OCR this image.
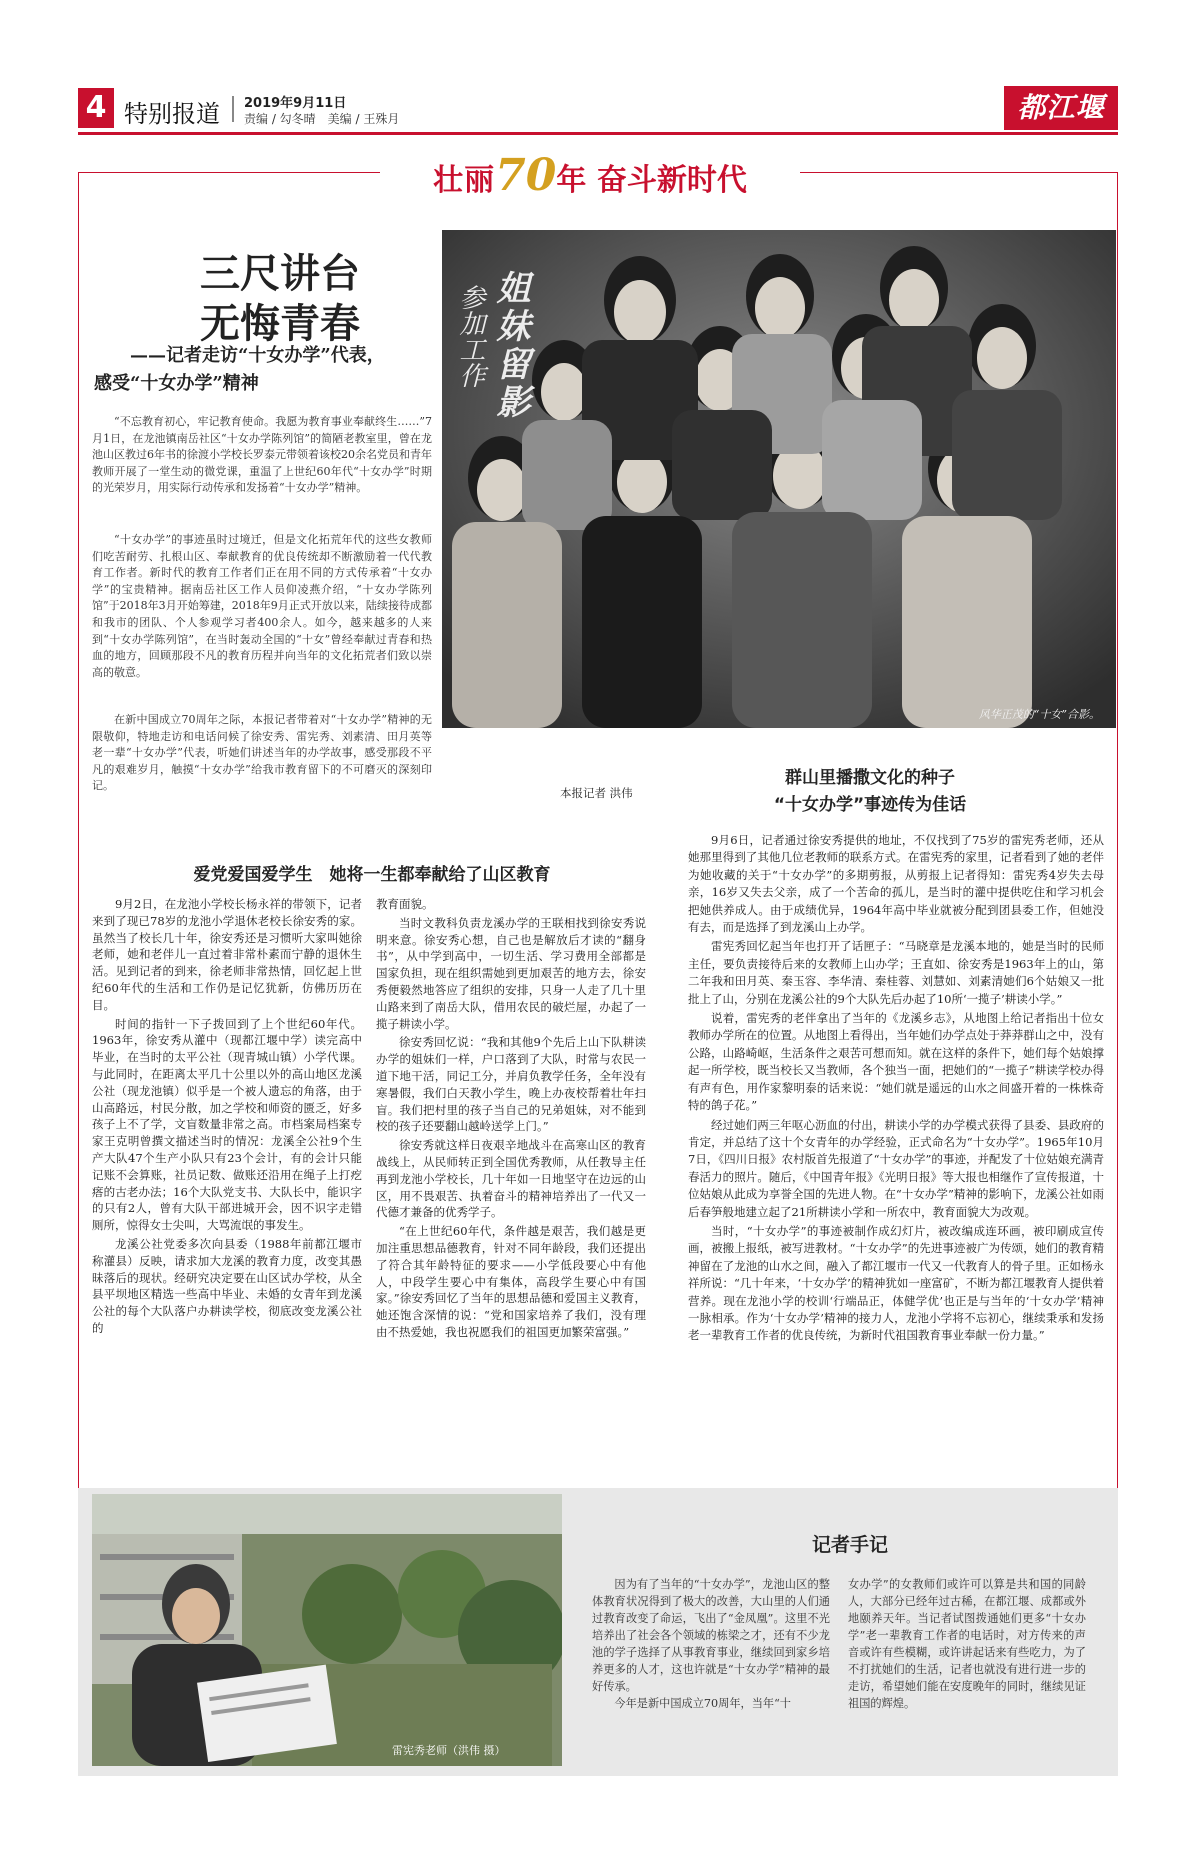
4 特别报道 2019年9月11日
责编 / 勾冬晴　美编 / 王殊月	都江堰报
壮丽70年 奋斗新时代
三尺讲台
无悔青春
——记者走访“十女办学”代表，
感受“十女办学”精神

“不忘教育初心，牢记教育使命。我愿为教育事业奉献终生……”7月1日，在龙池镇南岳社区“十女办学陈列馆”的简陋老教室里，曾在龙池山区教过6年书的徐渡小学校长罗泰元带领着该校20余名党员和青年教师开展了一堂生动的微党课，重温了上世纪60年代“十女办学”时期的光荣岁月，用实际行动传承和发扬着“十女办学”精神。

“十女办学”的事迹虽时过境迁，但是文化拓荒年代的这些女教师们吃苦耐劳、扎根山区、奉献教育的优良传统却不断激励着一代代教育工作者。新时代的教育工作者们正在用不同的方式传承着“十女办学”的宝贵精神。据南岳社区工作人员仰凌燕介绍，“十女办学陈列馆”于2018年3月开始筹建，2018年9月正式开放以来，陆续接待成都和我市的团队、个人参观学习者400余人。如今，越来越多的人来到“十女办学陈列馆”，在当时轰动全国的“十女”曾经奉献过青春和热血的地方，回顾那段不凡的教育历程并向当年的文化拓荒者们致以崇高的敬意。

在新中国成立70周年之际，本报记者带着对“十女办学”精神的无限敬仰，特地走访和电话问候了徐安秀、雷宪秀、刘素清、田月英等老一辈“十女办学”代表，听她们讲述当年的办学故事，感受那段不平凡的艰难岁月，触摸“十女办学”给我市教育留下的不可磨灭的深刻印记。

本报记者 洪伟
姐妹留影
参加工作
风华正茂的“十女”合影。
群山里播撒文化的种子
“十女办学”事迹传为佳话
爱党爱国爱学生　她将一生都奉献给了山区教育

9月2日，在龙池小学校长杨永祥的带领下，记者来到了现已78岁的龙池小学退休老校长徐安秀的家。虽然当了校长几十年，徐安秀还是习惯听大家叫她徐老师，她和老伴儿一直过着非常朴素而宁静的退休生活。见到记者的到来，徐老师非常热情，回忆起上世纪60年代的生活和工作仍是记忆犹新，仿佛历历在目。

时间的指针一下子拨回到了上个世纪60年代。1963年，徐安秀从灌中（现都江堰中学）读完高中毕业，在当时的太平公社（现青城山镇）小学代课。与此同时，在距离太平几十公里以外的高山地区龙溪公社（现龙池镇）似乎是一个被人遗忘的角落，由于山高路远，村民分散，加之学校和师资的匮乏，好多孩子上不了学，文盲数量非常之高。市档案局档案专家王克明曾撰文描述当时的情况：龙溪全公社9个生产大队47个生产小队只有23个会计，有的会计只能记账不会算账，社员记数、做账还沿用在绳子上打疙瘩的古老办法；16个大队党支书、大队长中，能识字的只有2人，曾有大队干部进城开会，因不识字走错厕所，惊得女士尖叫，大骂流氓的事发生。

龙溪公社党委多次向县委（1988年前都江堰市称灌县）反映，请求加大龙溪的教育力度，改变其愚昧落后的现状。经研究决定要在山区试办学校，从全县平坝地区精选一些高中毕业、未婚的女青年到龙溪公社的每个大队落户办耕读学校，彻底改变龙溪公社的

教育面貌。

当时文教科负责龙溪办学的王联相找到徐安秀说明来意。徐安秀心想，自己也是解放后才读的“翻身书”，从中学到高中，一切生活、学习费用全部都是国家负担，现在组织需她到更加艰苦的地方去，徐安秀便毅然地答应了组织的安排，只身一人走了几十里山路来到了南岳大队，借用农民的破烂屋，办起了一揽子耕读小学。

徐安秀回忆说：“我和其他9个先后上山下队耕读办学的姐妹们一样，户口落到了大队，时常与农民一道下地干活，同记工分，并肩负教学任务，全年没有寒暑假，我们白天教小学生，晚上办夜校帮着壮年扫盲。我们把村里的孩子当自己的兄弟姐妹，对不能到校的孩子还要翻山越岭送学上门。”

徐安秀就这样日夜艰辛地战斗在高寒山区的教育战线上，从民师转正到全国优秀教师，从任教导主任再到龙池小学校长，几十年如一日地坚守在边远的山区，用不畏艰苦、执着奋斗的精神培养出了一代又一代德才兼备的优秀学子。

“在上世纪60年代，条件越是艰苦，我们越是更加注重思想品德教育，针对不同年龄段，我们还提出了符合其年龄特征的要求——小学低段要心中有他人，中段学生要心中有集体，高段学生要心中有国家。”徐安秀回忆了当年的思想品德和爱国主义教育，她还饱含深情的说：“党和国家培养了我们，没有理由不热爱她，我也祝愿我们的祖国更加繁荣富强。”

9月6日，记者通过徐安秀提供的地址，不仅找到了75岁的雷宪秀老师，还从她那里得到了其他几位老教师的联系方式。在雷宪秀的家里，记者看到了她的老伴为她收藏的关于“十女办学”的多期剪报，从剪报上记者得知：雷宪秀4岁失去母亲，16岁又失去父亲，成了一个苦命的孤儿，是当时的灌中提供吃住和学习机会把她供养成人。由于成绩优异，1964年高中毕业就被分配到团县委工作，但她没有去，而是选择了到龙溪山上办学。

雷宪秀回忆起当年也打开了话匣子：“马晓章是龙溪本地的，她是当时的民师主任，要负责接待后来的女教师上山办学；王直如、徐安秀是1963年上的山，第二年我和田月英、秦玉容、李华清、秦桂蓉、刘慧如、刘素清她们6个姑娘又一批批上了山，分别在龙溪公社的9个大队先后办起了10所‘一揽子’耕读小学。”

说着，雷宪秀的老伴拿出了当年的《龙溪乡志》，从地图上给记者指出十位女教师办学所在的位置。从地图上看得出，当年她们办学点处于莽莽群山之中，没有公路，山路崎岖，生活条件之艰苦可想而知。就在这样的条件下，她们每个姑娘撑起一所学校，既当校长又当教师，各个独当一面，把她们的“一揽子”耕读学校办得有声有色，用作家黎明泰的话来说：“她们就是遥远的山水之间盛开着的一株株奇特的鸽子花。”

经过她们两三年呕心沥血的付出，耕读小学的办学模式获得了县委、县政府的肯定，并总结了这十个女青年的办学经验，正式命名为“十女办学”。1965年10月7日，《四川日报》农村版首先报道了“十女办学”的事迹，并配发了十位姑娘充满青春活力的照片。随后，《中国青年报》《光明日报》等大报也相继作了宣传报道，十位姑娘从此成为享誉全国的先进人物。在“十女办学”精神的影响下，龙溪公社如雨后春笋般地建立起了21所耕读小学和一所农中，教育面貌大为改观。

当时，“十女办学”的事迹被制作成幻灯片，被改编成连环画，被印刷成宣传画，被搬上报纸，被写进教材。“十女办学”的先进事迹被广为传颂，她们的教育精神留在了龙池的山水之间，融入了都江堰市一代又一代教育人的骨子里。正如杨永祥所说：“几十年来，‘十女办学’的精神犹如一座富矿，不断为都江堰教育人提供着营养。现在龙池小学的校训‘行端品正，体健学优’也正是与当年的‘十女办学’精神一脉相承。作为‘十女办学’精神的接力人，龙池小学将不忘初心，继续秉承和发扬老一辈教育工作者的优良传统，为新时代祖国教育事业奉献一份力量。”

雷宪秀老师（洪伟 摄）
记者手记

因为有了当年的“十女办学”，龙池山区的整体教育状况得到了极大的改善，大山里的人们通过教育改变了命运，飞出了“金凤凰”。这里不光培养出了社会各个领域的栋梁之才，还有不少龙池的学子选择了从事教育事业，继续回到家乡培养更多的人才，这也许就是“十女办学”精神的最好传承。

今年是新中国成立70周年，当年“十

女办学”的女教师们或许可以算是共和国的同龄人，大部分已经年过古稀，在都江堰、成都或外地颐养天年。当记者试图拨通她们更多“十女办学”老一辈教育工作者的电话时，对方传来的声音或许有些模糊，或许讲起话来有些吃力，为了不打扰她们的生活，记者也就没有进行进一步的走访，希望她们能在安度晚年的同时，继续见证祖国的辉煌。
